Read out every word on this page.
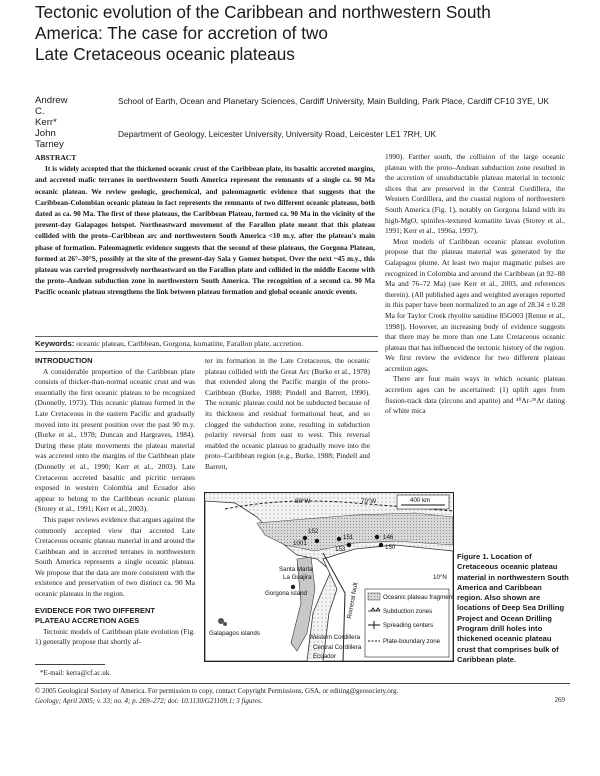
Tectonic evolution of the Caribbean and northwestern South
America: The case for accretion of two
Late Cretaceous oceanic plateaus
Andrew C. Kerr*
School of Earth, Ocean and Planetary Sciences, Cardiff University, Main Building, Park Place, Cardiff CF10 3YE, UK
John Tarney
Department of Geology, Leicester University, University Road, Leicester LE1 7RH, UK
ABSTRACT

It is widely accepted that the thickened oceanic crust of the Caribbean plate, its basaltic accreted margins, and accreted mafic terranes in northwestern South America represent the remnants of a single ca. 90 Ma oceanic plateau. We review geologic, geochemical, and paleomagnetic evidence that suggests that the Caribbean-Colombian oceanic plateau in fact represents the remnants of two different oceanic plateaus, both dated as ca. 90 Ma. The first of these plateaus, the Caribbean Plateau, formed ca. 90 Ma in the vicinity of the present-day Galapagos hotspot. Northeastward movement of the Farallon plate meant that this plateau collided with the proto–Caribbean arc and northwestern South America <10 m.y. after the plateau's main phase of formation. Paleomagnetic evidence suggests that the second of these plateaus, the Gorgona Plateau, formed at 26°–30°S, possibly at the site of the present-day Sala y Gomez hotspot. Over the next ~45 m.y., this plateau was carried progressively northeastward on the Farallon plate and collided in the middle Eocene with the proto–Andean subduction zone in northwestern South America. The recognition of a second ca. 90 Ma Pacific oceanic plateau strengthens the link between plateau formation and global oceanic anoxic events.

Keywords: oceanic plateau, Caribbean, Gorgona, komatiite, Farallon plate, accretion.
INTRODUCTION

A considerable proportion of the Caribbean plate consists of thicker-than-normal oceanic crust and was essentially the first oceanic plateau to be recognized (Donnelly, 1973). This oceanic plateau formed in the Late Cretaceous in the eastern Pacific and gradually moved into its present position over the past 90 m.y. (Burke et al., 1978; Duncan and Hargraves, 1984). During these plate movements the plateau material was accreted onto the margins of the Caribbean plate (Donnelly et al., 1990; Kerr et al., 2003). Late Cretaceous accreted basaltic and picritic terranes exposed in western Colombia and Ecuador also appear to belong to the Caribbean oceanic plateau (Storey et al., 1991; Kerr et al., 2003).

This paper reviews evidence that argues against the commonly accepted view that accreted Late Cretaceous oceanic plateau material in and around the Caribbean and in accreted terranes in northwestern South America represents a single oceanic plateau. We propose that the data are more consistent with the existence and preservation of two distinct ca. 90 Ma oceanic plateaus in the region.

EVIDENCE FOR TWO DIFFERENT
PLATEAU ACCRETION AGES

Tectonic models of Caribbean plate evolution (Fig. 1) generally propose that shortly af-

ter its formation in the Late Cretaceous, the oceanic plateau collided with the Great Arc (Burke et al., 1978) that extended along the Pacific margin of the proto-Caribbean (Burke, 1988; Pindell and Barrett, 1990). The oceanic plateau could not be subducted because of its thickness and residual formational heat, and so clogged the subduction zone, resulting in subduction polarity reversal from east to west. This reversal enabled the oceanic plateau to gradually move into the proto–Caribbean region (e.g., Burke, 1988; Pindell and Barrett,

1990). Farther south, the collision of the large oceanic plateau with the proto–Andean subduction zone resulted in the accretion of unsubductable plateau material in tectonic slices that are preserved in the Central Cordillera, the Western Cordillera, and the coastal regions of northwestern South America (Fig. 1), notably on Gorgona Island with its high-MgO, spinifex-textured komatiite lavas (Storey et al., 1991; Kerr et al., 1996a, 1997).

Most models of Caribbean oceanic plateau evolution propose that the plateau material was generated by the Galapagos plume. At least two major magmatic pulses are recognized in Colombia and around the Caribbean (at 92–88 Ma and 76–72 Ma) (see Kerr et al., 2003, and references therein). (All published ages and weighted averages reported in this paper have been normalized to an age of 28.34 ± 0.28 Ma for Taylor Creek rhyolite sanidine 85G003 [Renne et al., 1998]). However, an increasing body of evidence suggests that there may be more than one Late Cretaceous oceanic plateau that has influenced the tectonic history of the region. We first review the evidence for two different plateau accretion ages.

There are four main ways in which oceanic plateau accretion ages can be ascertained: (1) uplift ages from fission-track data (zircons and apatite) and ⁴⁰Ar-³⁹Ar dating of white mica

152
1001
151
153
146
150
80°W	70°W
10°N
400 km
Santa Marta
La Guajira
Gorgona island
Galapagos islands
Western Cordillera
Central Cordillera
Ecuador
Romeral fault	Oceanic plateau fragments
Subduction zones
Spreading centers
Plate-boundary zone
Figure 1. Location of Cretaceous oceanic plateau material in northwestern South America and Caribbean region. Also shown are locations of Deep Sea Drilling Project and Ocean Drilling Program drill holes into thickened oceanic plateau crust that comprises bulk of Caribbean plate.
*E-mail: kerra@cf.ac.uk.
© 2005 Geological Society of America. For permission to copy, contact Copyright Permissions, GSA, or editing@geosociety.org.
Geology; April 2005; v. 33; no. 4; p. 269–272; doi: 10.1130/G21109.1; 3 figures.	269
